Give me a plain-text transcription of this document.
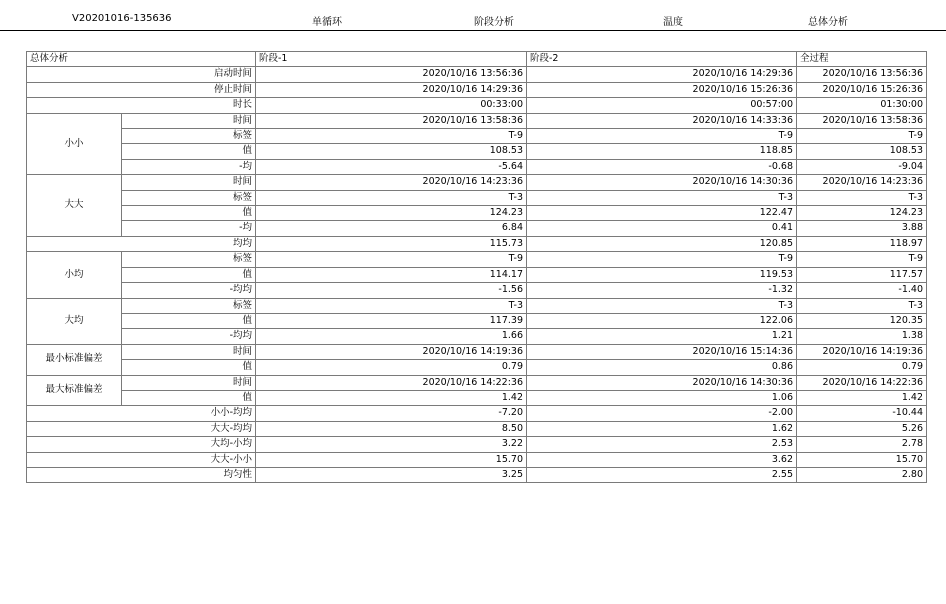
V20201016-135636	单循环	阶段分析	温度	总体分析
总体分析		阶段-1	阶段-2	全过程
启动时间		2020/10/16 13:56:36	2020/10/16 14:29:36	2020/10/16 13:56:36
停止时间		2020/10/16 14:29:36	2020/10/16 15:26:36	2020/10/16 15:26:36
时长		00:33:00	00:57:00	01:30:00
小小	时间	2020/10/16 13:58:36	2020/10/16 14:33:36	2020/10/16 13:58:36
	标签	T-9	T-9	T-9
	值	108.53	118.85	108.53
	-均	-5.64	-0.68	-9.04
大大	时间	2020/10/16 14:23:36	2020/10/16 14:30:36	2020/10/16 14:23:36
	标签	T-3	T-3	T-3
	值	124.23	122.47	124.23
	-均	6.84	0.41	3.88
均均		115.73	120.85	118.97
小均	标签	T-9	T-9	T-9
	值	114.17	119.53	117.57
	-均均	-1.56	-1.32	-1.40
大均	标签	T-3	T-3	T-3
	值	117.39	122.06	120.35
	-均均	1.66	1.21	1.38
最小标准偏差	时间	2020/10/16 14:19:36	2020/10/16 15:14:36	2020/10/16 14:19:36
	值	0.79	0.86	0.79
最大标准偏差	时间	2020/10/16 14:22:36	2020/10/16 14:30:36	2020/10/16 14:22:36
	值	1.42	1.06	1.42
小小-均均		-7.20	-2.00	-10.44
大大-均均		8.50	1.62	5.26
大均-小均		3.22	2.53	2.78
大大-小小		15.70	3.62	15.70
均匀性		3.25	2.55	2.80
